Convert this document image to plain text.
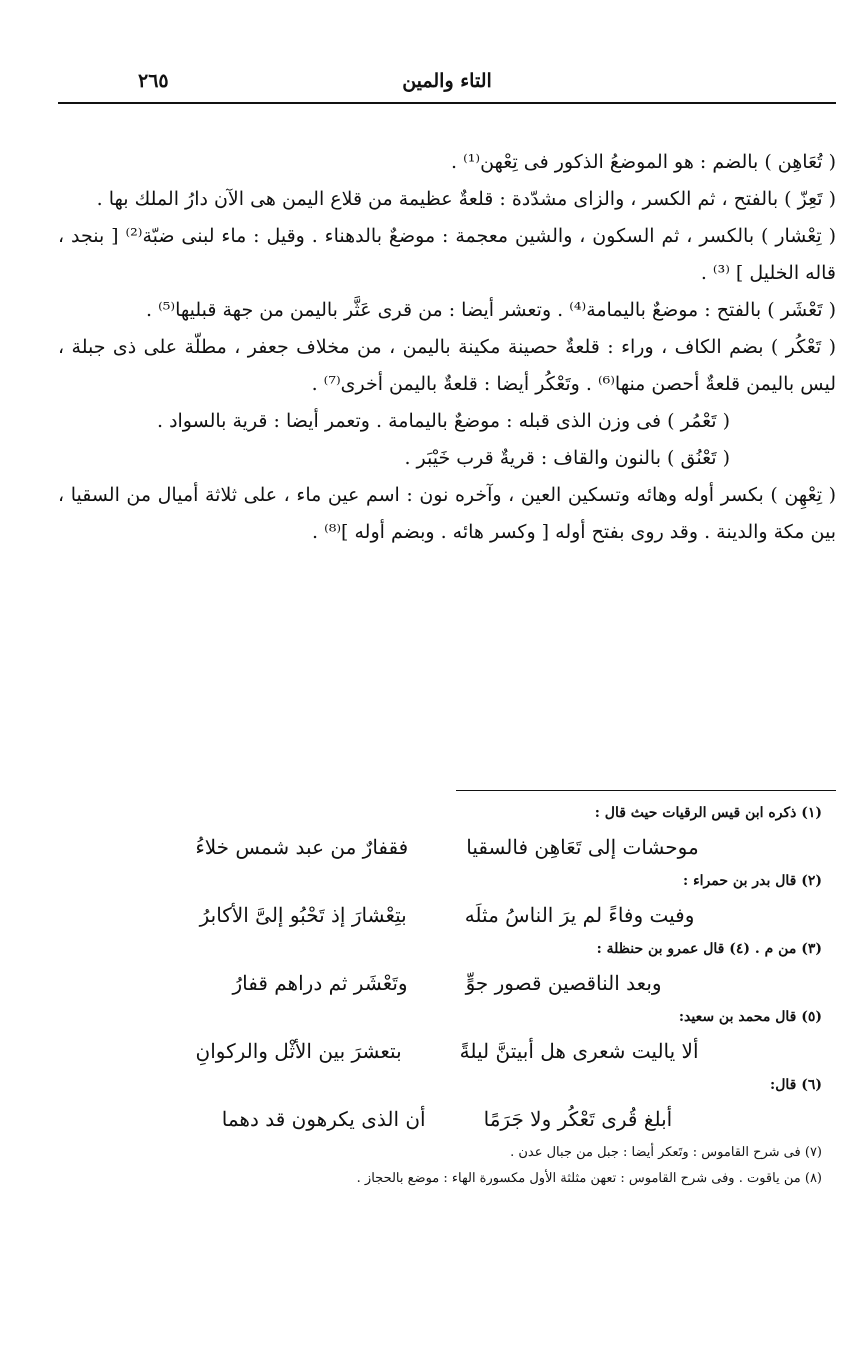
التاء والمين
٢٦٥

( تُعَاهِن ) بالضم : هو الموضعُ الذكور فى تِعْهن⁽¹⁾ .

( تَعِزّ ) بالفتح ، ثم الكسر ، والزاى مشدّدة : قلعةٌ عظيمة من قلاع اليمن هى الآن دارُ الملك بها .

( تِعْشار ) بالكسر ، ثم السكون ، والشين معجمة : موضعٌ بالدهناء . وقيل : ماء لبنى ضبّة⁽²⁾ [ بنجد ، قاله الخليل ] ⁽³⁾ .

( تَعْشَر ) بالفتح : موضعٌ باليمامة⁽⁴⁾ . وتعشر أيضا : من قرى عَثَّر باليمن من جهة قبليها⁽⁵⁾ .

( تَعْكُر ) بضم الكاف ، وراء : قلعةٌ حصينة مكينة باليمن ، من مخلاف جعفر ، مطلّة على ذى جبلة ، ليس باليمن قلعةٌ أحصن منها⁽⁶⁾ . وتَعْكُر أيضا : قلعةٌ باليمن أخرى⁽⁷⁾ .

( تَعْمُر ) فى وزن الذى قبله : موضعٌ باليمامة . وتعمر أيضا : قرية بالسواد .

( تَعْنُق ) بالنون والقاف : قريةٌ قرب خَيْبَر .

( تِعْهِن ) بكسر أوله وهائه وتسكين العين ، وآخره نون : اسم عين ماء ، على ثلاثة أميال من السقيا ، بين مكة والدينة . وقد روى بفتح أوله [ وكسر هائه . وبضم أوله ]⁽⁸⁾ .

(١) ذكره ابن قيس الرقيات حيث قال :
موحشات إلى تَعَاهِن فالسقيا
فقفارٌ من عبد شمس خلاءُ
(٢) قال بدر بن حمراء :
وفيت وفاءً لم يرَ الناسُ مثلَه
بتِعْشارَ إذ تَحْبُو إلىَّ الأكابرُ
(٣) من م . (٤) قال عمرو بن حنظلة :
وبعد الناقصين قصور جوٍّ
وتَعْشَر ثم دراهم قفارُ
(٥) قال محمد بن سعيد:
ألا ياليت شعرى هل أبيتنَّ ليلةً
بتعشرَ بين الأثْل والركوانِ
(٦) قال:
أبلغ قُرى تَعْكُر ولا جَرَمًا
أن الذى يكرهون قد دهما
(٧) فى شرح القاموس : وتَعكر أيضا : جبل من جبال عدن .
(٨) من ياقوت . وفى شرح القاموس : تعهن مثلثة الأول مكسورة الهاء : موضع بالحجاز .
